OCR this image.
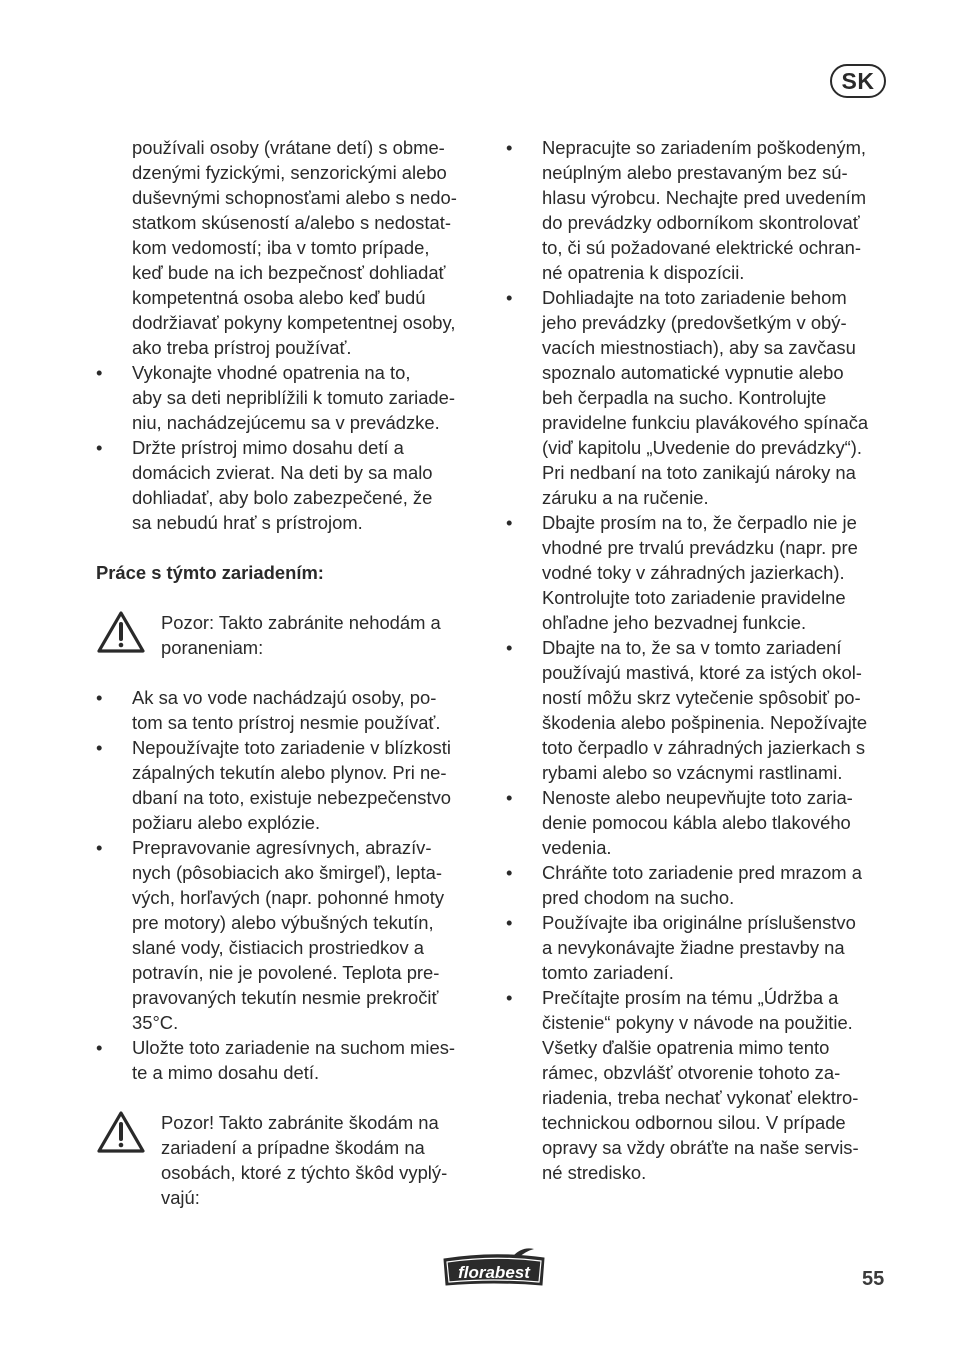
SK
používali osoby (vrátane detí) s obme-
dzenými fyzickými, senzorickými alebo
duševnými schopnosťami alebo s nedo-
statkom skúseností a/alebo s nedostat-
kom vedomostí; iba v tomto prípade,
keď bude na ich bezpečnosť dohliadať
kompetentná osoba alebo keď budú
dodržiavať pokyny kompetentnej osoby,
ako treba prístroj používať.
•	Vykonajte vhodné opatrenia na to,
aby sa deti nepriblížili k tomuto zariade-
niu, nachádzejúcemu sa v prevádzke.
•	Držte prístroj mimo dosahu detí a
domácich zvierat. Na deti by sa malo
dohliadať, aby bolo zabezpečené, že
sa nebudú hrať s prístrojom.
Práce s týmto zariadením:
Pozor: Takto zabránite nehodám a
poraneniam:
•	Ak sa vo vode nachádzajú osoby, po-
tom sa tento prístroj nesmie používať.
•	Nepoužívajte toto zariadenie v blízkosti
zápalných tekutín alebo plynov. Pri ne-
dbaní na toto, existuje nebezpečenstvo
požiaru alebo explózie.
•	Prepravovanie agresívnych, abrazív-
nych (pôsobiacich ako šmirgeľ), lepta-
vých, horľavých (napr. pohonné hmoty
pre motory) alebo výbušných tekutín,
slané vody, čistiacich prostriedkov a
potravín, nie je povolené. Teplota pre-
pravovaných tekutín nesmie prekročiť
35°C.
•	Uložte toto zariadenie na suchom mies-
te a mimo dosahu detí.
Pozor! Takto zabránite škodám na
zariadení a prípadne škodám na
osobách, ktoré z týchto škôd vyplý-
vajú:
•	Nepracujte so zariadením poškodeným,
neúplným alebo prestavaným bez sú-
hlasu výrobcu. Nechajte pred uvedením
do prevádzky odborníkom skontrolovať
to, či sú požadované elektrické ochran-
né opatrenia k dispozícii.
•	Dohliadajte na toto zariadenie behom
jeho prevádzky (predovšetkým v obý-
vacích miestnostiach), aby sa zavčasu
spoznalo automatické vypnutie alebo
beh čerpadla na sucho. Kontrolujte
pravidelne funkciu plavákového spínača
(viď kapitolu „Uvedenie do prevádzky“).
Pri nedbaní na toto zanikajú nároky na
záruku a na ručenie.
•	Dbajte prosím na to, že čerpadlo nie je
vhodné pre trvalú prevádzku (napr. pre
vodné toky v záhradných jazierkach).
Kontrolujte toto zariadenie pravidelne
ohľadne jeho bezvadnej funkcie.
•	Dbajte na to, že sa v tomto zariadení
používajú mastivá, ktoré za istých okol-
ností môžu skrz vytečenie spôsobiť po-
škodenia alebo pošpinenia. Nepožívajte
toto čerpadlo v záhradných jazierkach s
rybami alebo so vzácnymi rastlinami.
•	Nenoste alebo neupevňujte toto zaria-
denie pomocou kábla alebo tlakového
vedenia.
•	Chráňte toto zariadenie pred mrazom a
pred chodom na sucho.
•	Používajte iba originálne príslušenstvo
a nevykonávajte žiadne prestavby na
tomto zariadení.
•	Prečítajte prosím na tému „Údržba a
čistenie“ pokyny v návode na použitie.
Všetky ďalšie opatrenia mimo tento
rámec, obzvlášť otvorenie tohoto za-
riadenia, treba nechať vykonať elektro-
technickou odbornou silou. V prípade
opravy sa vždy obráťte na naše servis-
né stredisko.
florabest	55
